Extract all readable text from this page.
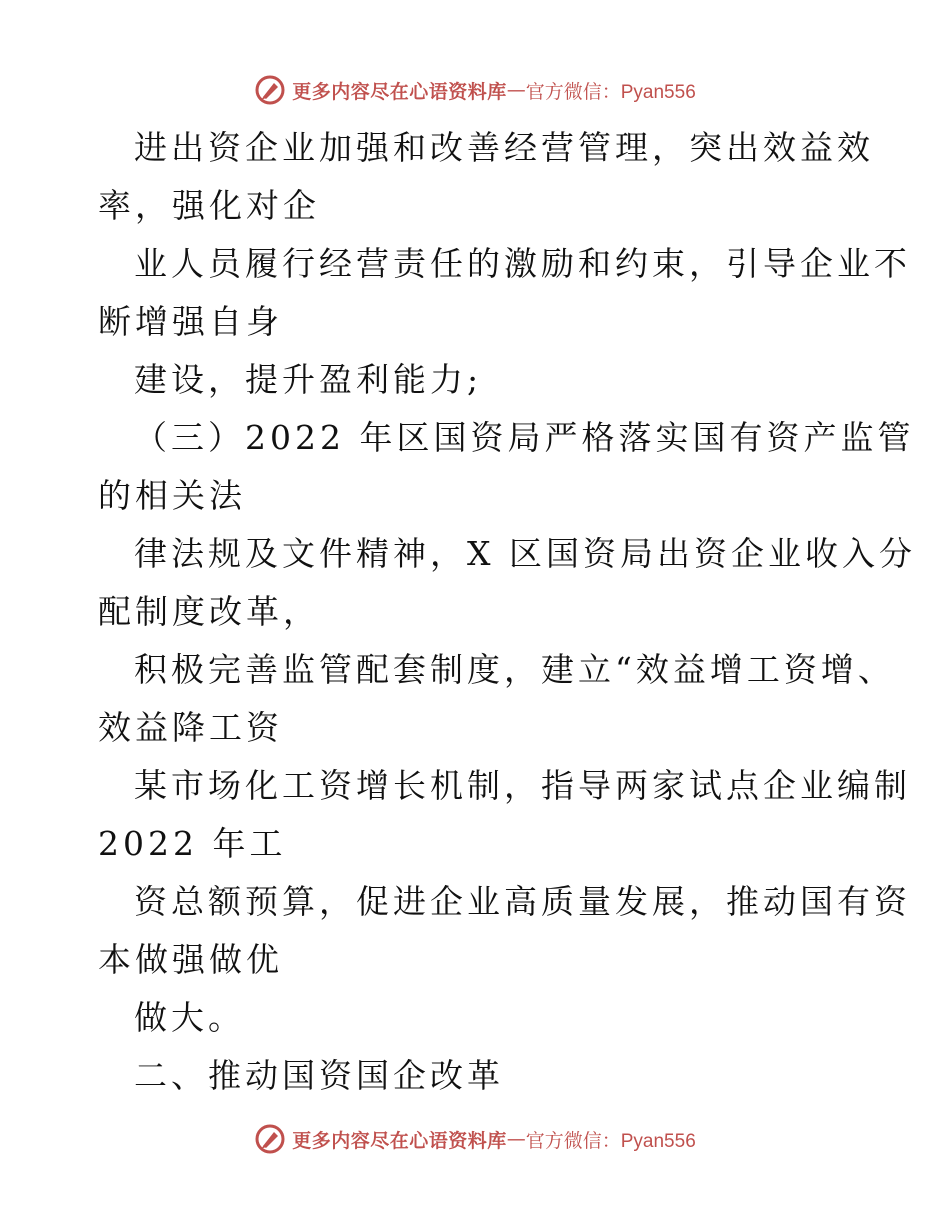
更多内容尽在心语资料库 — 官方微信：Pyan556
进出资企业加强和改善经营管理，突出效益效
率，强化对企
业人员履行经营责任的激励和约束，引导企业不
断增强自身
建设，提升盈利能力;
（三）2022 年区国资局严格落实国有资产监管
的相关法
律法规及文件精神，X 区国资局出资企业收入分
配制度改革，
积极完善监管配套制度，建立“效益增工资增、
效益降工资
某市场化工资增长机制，指导两家试点企业编制
2022 年工
资总额预算，促进企业高质量发展，推动国有资
本做强做优
做大。
二、推动国资国企改革
更多内容尽在心语资料库 — 官方微信：Pyan556
